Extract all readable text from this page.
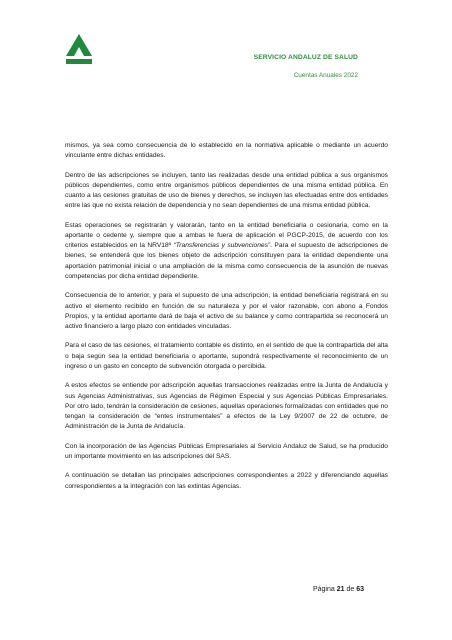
SERVICIO ANDALUZ DE SALUD
Cuentas Anuales 2022

mismos, ya sea como consecuencia de lo establecido en la normativa aplicable o mediante un acuerdo vinculante entre dichas entidades.

Dentro de las adscripciones se incluyen, tanto las realizadas desde una entidad pública a sus organismos públicos dependientes, como entre organismos públicos dependientes de una misma entidad pública. En cuanto a las cesiones gratuitas de uso de bienes y derechos, se incluyen las efectuadas entre dos entidades entre las que no exista relación de dependencia y no sean dependientes de una misma entidad pública.

Estas operaciones se registrarán y valorarán, tanto en la entidad beneficiaria o cesionaria, como en la aportante o cedente y, siempre que a ambas le fuera de aplicación el PGCP-2015, de acuerdo con los criterios establecidos en la NRV18ª “Transferencias y subvenciones”. Para el supuesto de adscripciones de bienes, se entenderá que los bienes objeto de adscripción constituyen para la entidad dependiente una aportación patrimonial inicial o una ampliación de la misma como consecuencia de la asunción de nuevas competencias por dicha entidad dependiente.

Consecuencia de lo anterior, y para el supuesto de una adscripción, la entidad beneficiaria registrará en su activo el elemento recibido en función de su naturaleza y por el valor razonable, con abono a Fondos Propios, y la entidad aportante dará de baja el activo de su balance y como contrapartida se reconocerá un activo financiero a largo plazo con entidades vinculadas.

Para el caso de las cesiones, el tratamiento contable es distinto, en el sentido de que la contrapartida del alta o baja según sea la entidad beneficiaria o aportante, supondrá respectivamente el reconocimiento de un ingreso o un gasto en concepto de subvención otorgada o percibida.

A estos efectos se entiende por adscripción aquellas transacciones realizadas entre la Junta de Andalucía y sus Agencias Administrativas, sus Agencias de Régimen Especial y sus Agencias Públicas Empresariales. Por otro lado, tendrán la consideración de cesiones, aquellas operaciones formalizadas con entidades que no tengan la consideración de “entes instrumentales” a efectos de la Ley 9/2007 de 22 de octubre, de Administración de la Junta de Andalucía.

Con la incorporación de las Agencias Públicas Empresariales al Servicio Andaluz de Salud, se ha producido un importante movimiento en las adscripciones del SAS.

A continuación se detallan las principales adscripciones correspondientes a 2022 y diferenciando aquellas correspondientes a la integración con las extintas Agencias.

Página 21 de 63
